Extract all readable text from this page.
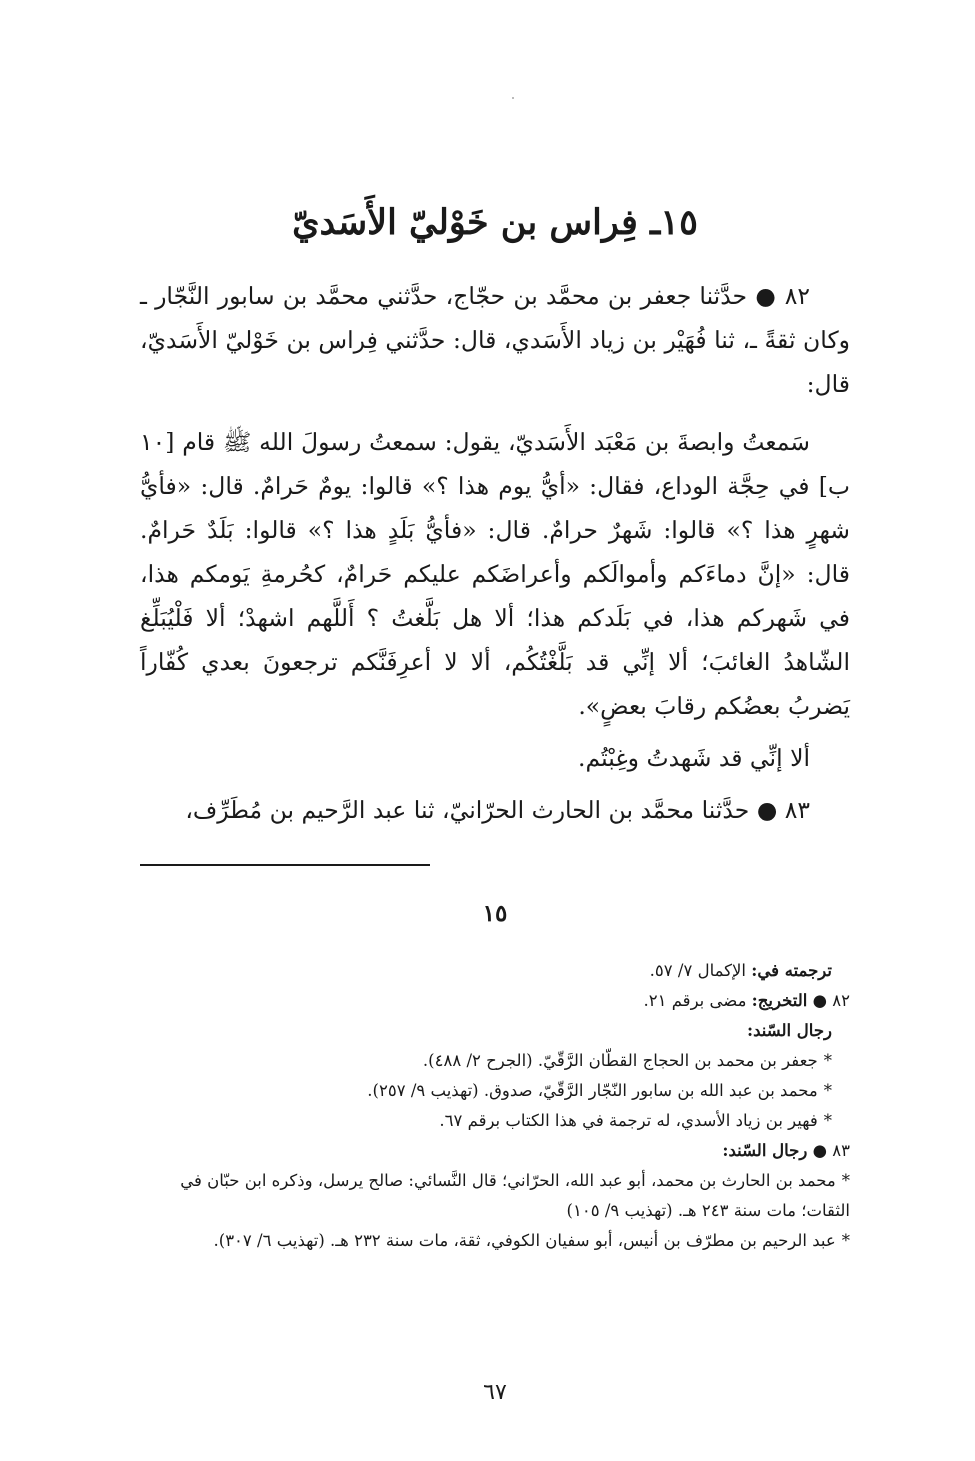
١٥ـ فِراس بن خَوْليّ الأَسَديّ

٨٢ ● حدَّثنا جعفر بن محمَّد بن حجّاج، حدَّثني محمَّد بن سابور النَّجّار ـ وكان ثقةً ـ، ثنا فُهَيْر بن زياد الأَسَدي، قال: حدَّثني فِراس بن خَوْليّ الأَسَديّ، قال:

سَمعتُ وابصةَ بن مَعْبَد الأَسَديّ، يقول: سمعتُ رسولَ الله ﷺ قام [١٠ ب] في حِجَّة الوداع، فقال: «أيُّ يوم هذا ؟» قالوا: يومٌ حَرامٌ. قال: «فأيُّ شهرٍ هذا ؟» قالوا: شَهرٌ حرامٌ. قال: «فأيُّ بَلَدٍ هذا ؟» قالوا: بَلَدٌ حَرامٌ. قال: «إنَّ دماءَكم وأموالَكم وأعراضَكم عليكم حَرامٌ، كحُرمةِ يَومكم هذا، في شَهركم هذا، في بَلَدكم هذا؛ ألا هل بَلَّغتُ ؟ أَللَّهم اشهدْ؛ ألا فَلْيُبَلِّغ الشّاهدُ الغائبَ؛ ألا إنِّي قد بَلَّغْتُكُم، ألا لا أعرِفَنَّكم ترجعونَ بعدي كُفّاراً يَضربُ بعضُكم رقابَ بعضٍ».

ألا إنِّي قد شَهدتُ وغِبْتُم.

٨٣ ● حدَّثنا محمَّد بن الحارث الحرّانيّ، ثنا عبد الرَّحيم بن مُطَرِّف،

١٥

ترجمته في: الإكمال ٧/ ٥٧.

٨٢ ● التخريج: مضى برقم ٢١.

رجال السّند:

*جعفر بن محمد بن الحجاج القطّان الرَّقّيّ. (الجرح ٢/ ٤٨٨).

*محمد بن عبد الله بن سابور النّجّار الرَّقّيّ، صدوق. (تهذيب ٩/ ٢٥٧).

*فهير بن زياد الأسدي، له ترجمة في هذا الكتاب برقم ٦٧.

٨٣ ● رجال السّند:

*محمد بن الحارث بن محمد، أبو عبد الله، الحرّاني؛ قال النَّسائي: صالح يرسل، وذكره ابن حبّان في الثقات؛ مات سنة ٢٤٣ هـ. (تهذيب ٩/ ١٠٥)

*عبد الرحيم بن مطرّف بن أنيس، أبو سفيان الكوفي، ثقة، مات سنة ٢٣٢ هـ. (تهذيب ٦/ ٣٠٧).

٦٧
